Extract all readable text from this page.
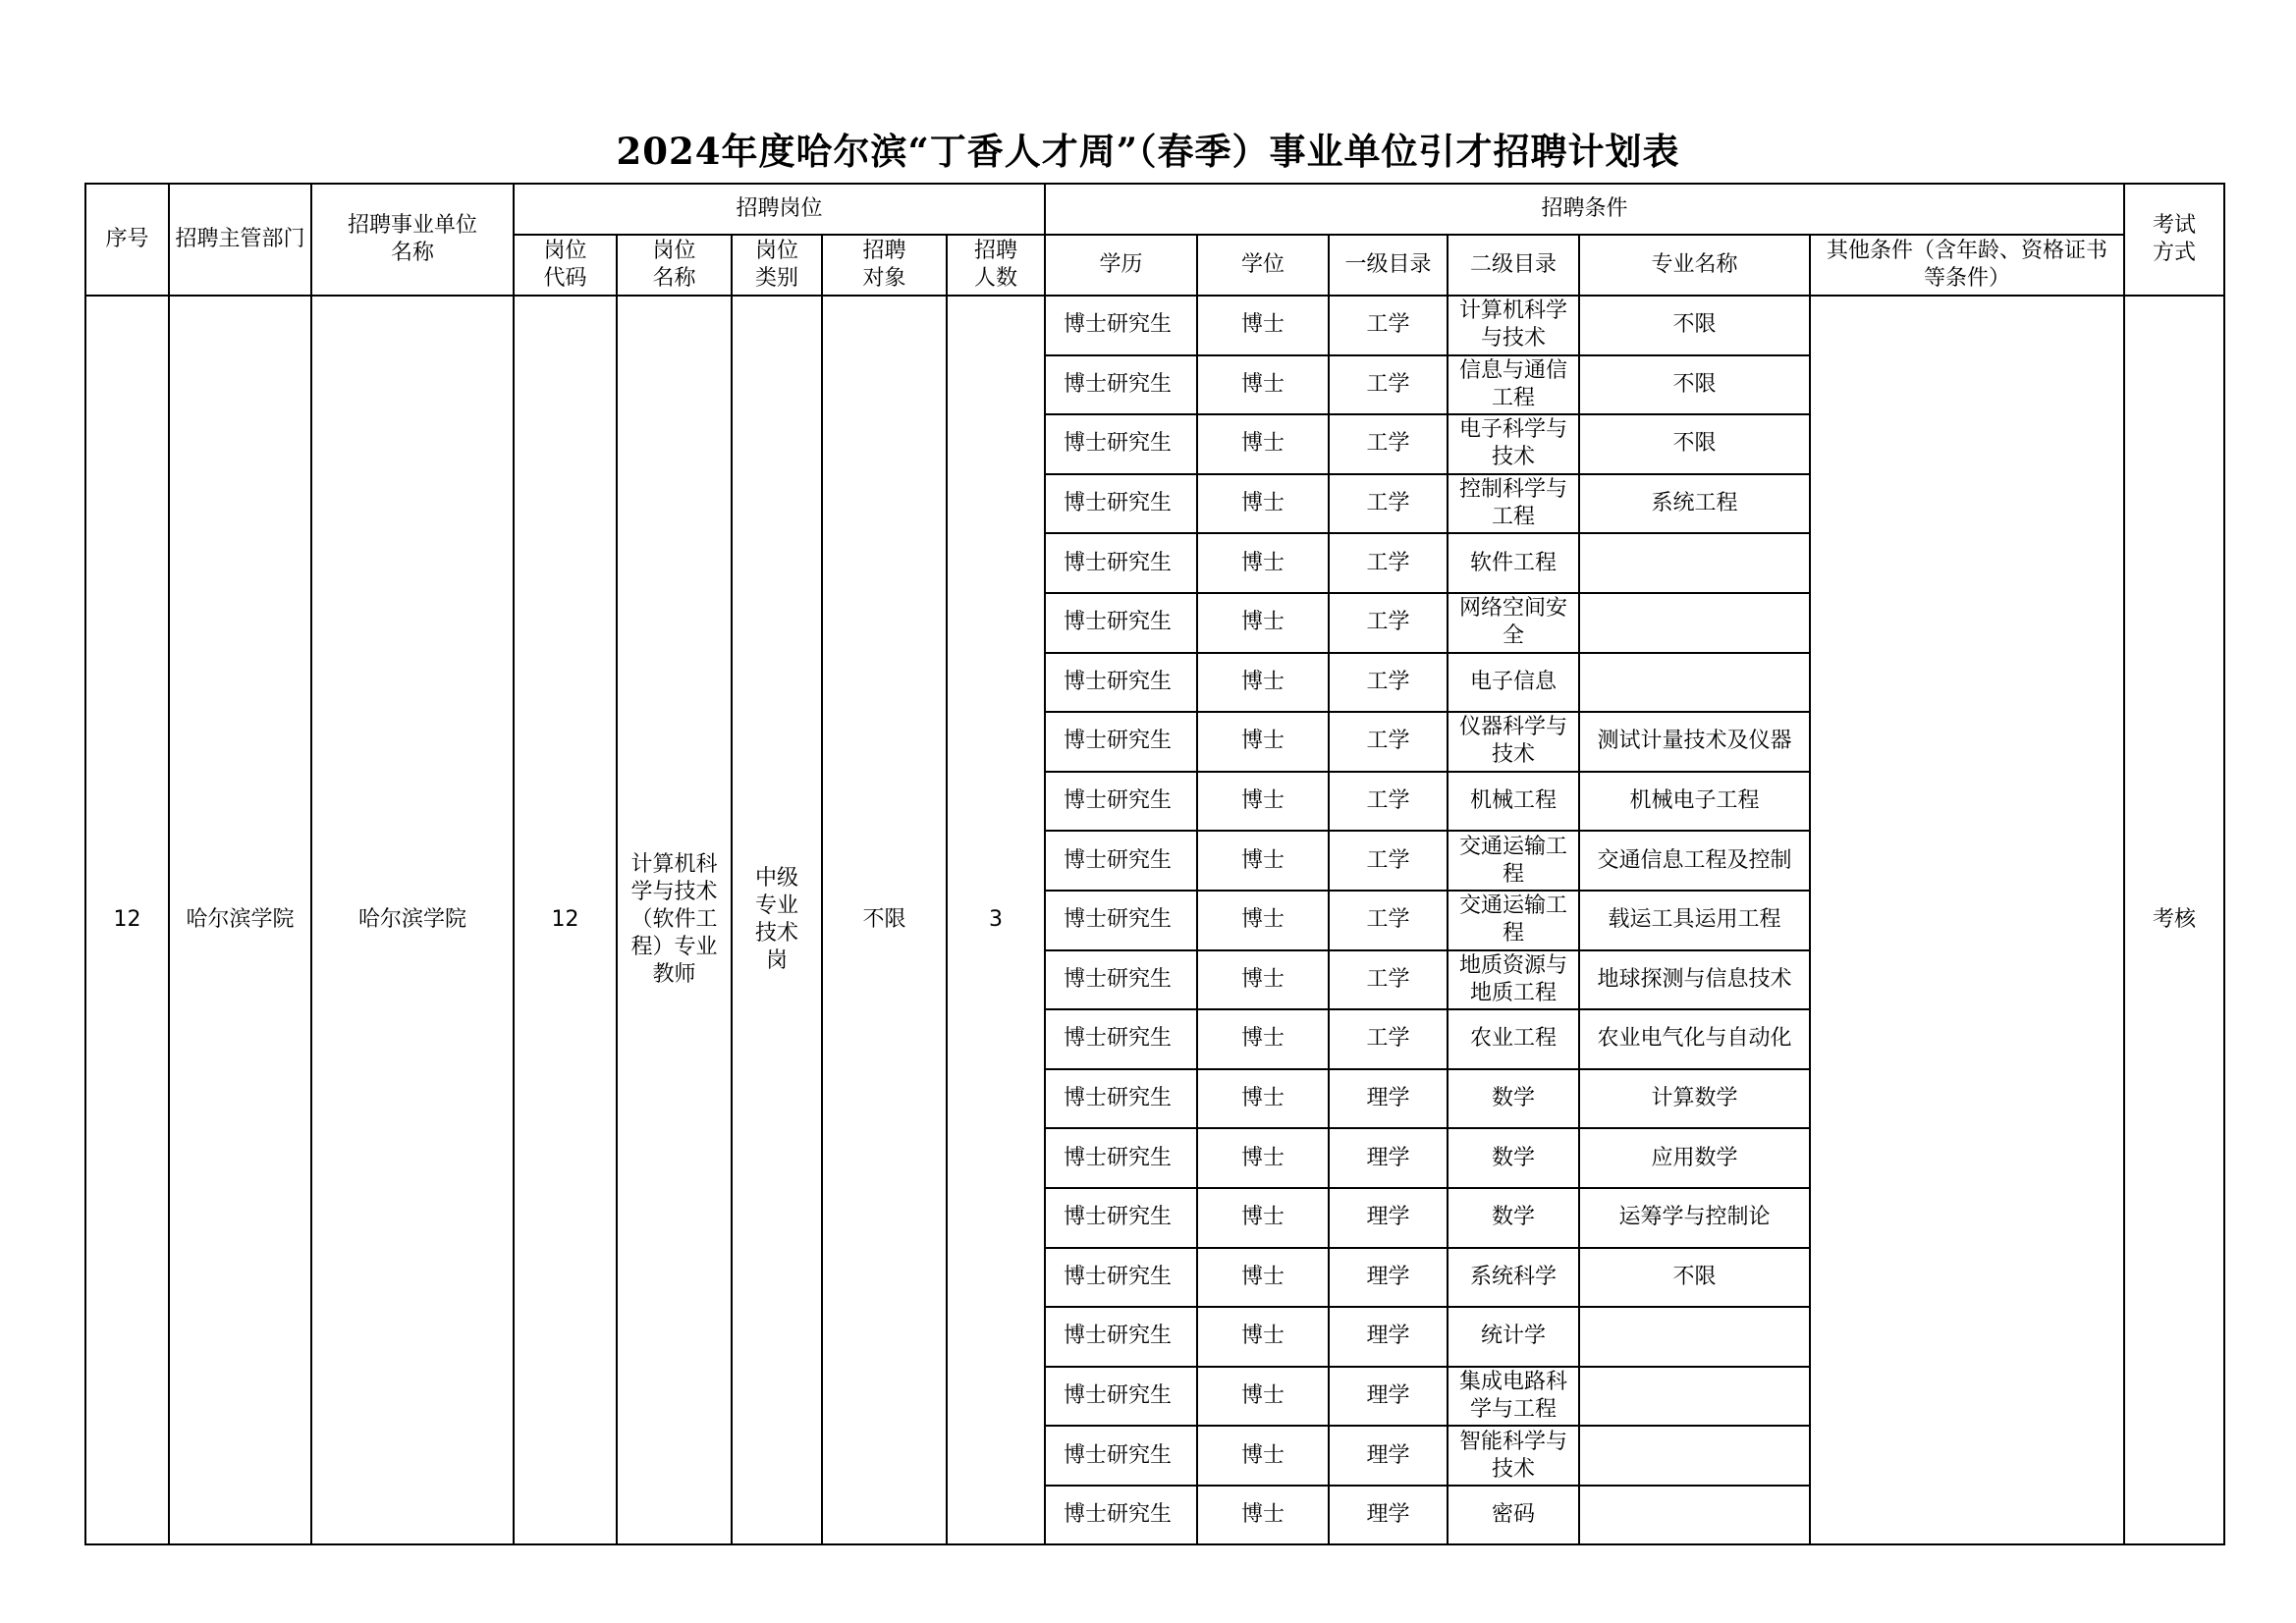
2024年度哈尔滨“丁香人才周”（春季）事业单位引才招聘计划表
序号	招聘主管部门	招聘事业单位名称	招聘岗位					招聘条件						考试方式
			岗位代码	岗位名称	岗位类别	招聘对象	招聘人数	学历	学位	一级目录	二级目录	专业名称	其他条件（含年龄、资格证书等条件）	
12	哈尔滨学院	哈尔滨学院	12	计算机科学与技术（软件工程）专业教师	中级专业技术岗	不限	3	博士研究生	博士	工学	计算机科学与技术	不限		考核
								博士研究生	博士	工学	信息与通信工程	不限		
								博士研究生	博士	工学	电子科学与技术	不限		
								博士研究生	博士	工学	控制科学与工程	系统工程		
								博士研究生	博士	工学	软件工程			
								博士研究生	博士	工学	网络空间安全			
								博士研究生	博士	工学	电子信息			
								博士研究生	博士	工学	仪器科学与技术	测试计量技术及仪器		
								博士研究生	博士	工学	机械工程	机械电子工程		
								博士研究生	博士	工学	交通运输工程	交通信息工程及控制		
								博士研究生	博士	工学	交通运输工程	载运工具运用工程		
								博士研究生	博士	工学	地质资源与地质工程	地球探测与信息技术		
								博士研究生	博士	工学	农业工程	农业电气化与自动化		
								博士研究生	博士	理学	数学	计算数学		
								博士研究生	博士	理学	数学	应用数学		
								博士研究生	博士	理学	数学	运筹学与控制论		
								博士研究生	博士	理学	系统科学	不限		
								博士研究生	博士	理学	统计学			
								博士研究生	博士	理学	集成电路科学与工程			
								博士研究生	博士	理学	智能科学与技术			
								博士研究生	博士	理学	密码			
